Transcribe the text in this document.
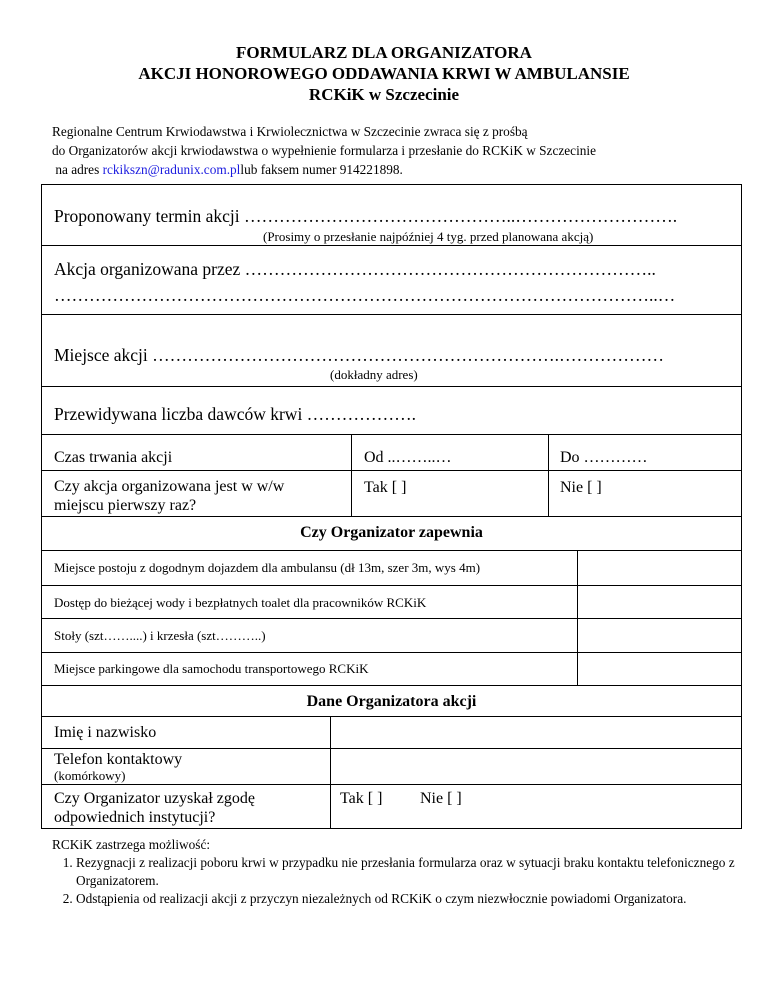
FORMULARZ DLA ORGANIZATORA
AKCJI HONOROWEGO ODDAWANIA KRWI W AMBULANSIE
RCKiK w Szczecinie
Regionalne Centrum Krwiodawstwa i Krwiolecznictwa w Szczecinie zwraca się z prośbą
do Organizatorów akcji krwiodawstwa o wypełnienie formularza i przesłanie do RCKiK w Szczecinie
na adres rckikszn@radunix.com.pllub faksem numer 914221898.
Proponowany termin akcji ………………………………………..……………………….
(Prosimy o przesłanie najpóźniej 4 tyg. przed planowana akcją)
Akcja organizowana przez ……………………………………………………………..
…………………………………………………………………………………………..…
Miejsce akcji …………………………………………………………….………………
(dokładny adres)
Przewidywana liczba dawców krwi ……………….
Czas trwania akcji	Od ..……..…	Do …………
Czy akcja organizowana jest w w/w
miejscu pierwszy raz?
Tak [ ]	Nie [ ]
Czy Organizator zapewnia
Miejsce postoju z dogodnym dojazdem dla ambulansu (dł 13m, szer 3m, wys 4m)
Dostęp do bieżącej wody i bezpłatnych toalet dla pracowników RCKiK
Stoły (szt……....) i krzesła (szt………..)
Miejsce parkingowe dla samochodu transportowego RCKiK
Dane Organizatora akcji
Imię i nazwisko
Telefon kontaktowy
(komórkowy)
Czy Organizator uzyskał zgodę
odpowiednich instytucji?
Tak [ ] Nie [ ]
RCKiK zastrzega możliwość:
1. Rezygnacji z realizacji poboru krwi w przypadku nie przesłania formularza oraz w sytuacji braku kontaktu telefonicznego z Organizatorem.
2. Odstąpienia od realizacji akcji z przyczyn niezależnych od RCKiK o czym niezwłocznie powiadomi Organizatora.
